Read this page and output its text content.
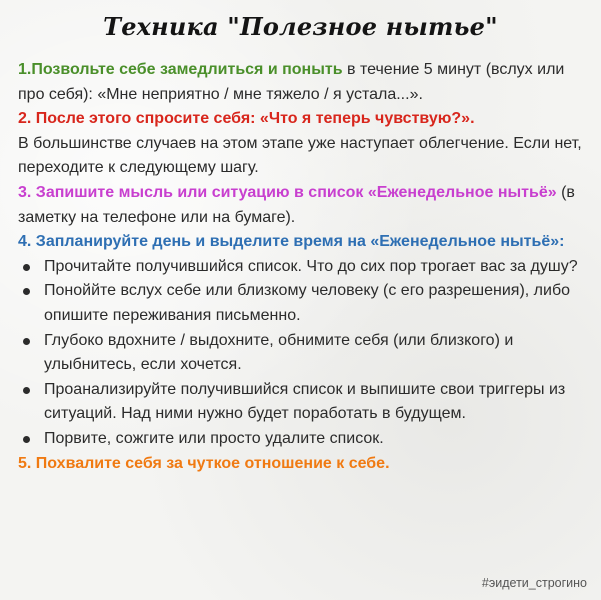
Техника "Полезное нытье"

1.Позвольте себе замедлиться и поныть в течение 5 минут (вслух или про себя): «Мне неприятно / мне тяжело / я устала...».

2. После этого спросите себя: «Что я теперь чувствую?».

В большинстве случаев на этом этапе уже наступает облегчение. Если нет, переходите к следующему шагу.

3. Запишите мысль или ситуацию в список «Еженедельное нытьё» (в заметку на телефоне или на бумаге).

4. Запланируйте день и выделите время на «Еженедельное нытьё»:

Прочитайте получившийся список. Что до сих пор трогает вас за душу?
Поноййте вслух себе или близкому человеку (с его разрешения), либо опишите переживания письменно.
Глубоко вдохните / выдохните, обнимите себя (или близкого) и улыбнитесь, если хочется.
Проанализируйте получившийся список и выпишите свои триггеры из ситуаций. Над ними нужно будет поработать в будущем.
Порвите, сожгите или просто удалите список.

5. Похвалите себя за чуткое отношение к себе.

#эидети_строгино
